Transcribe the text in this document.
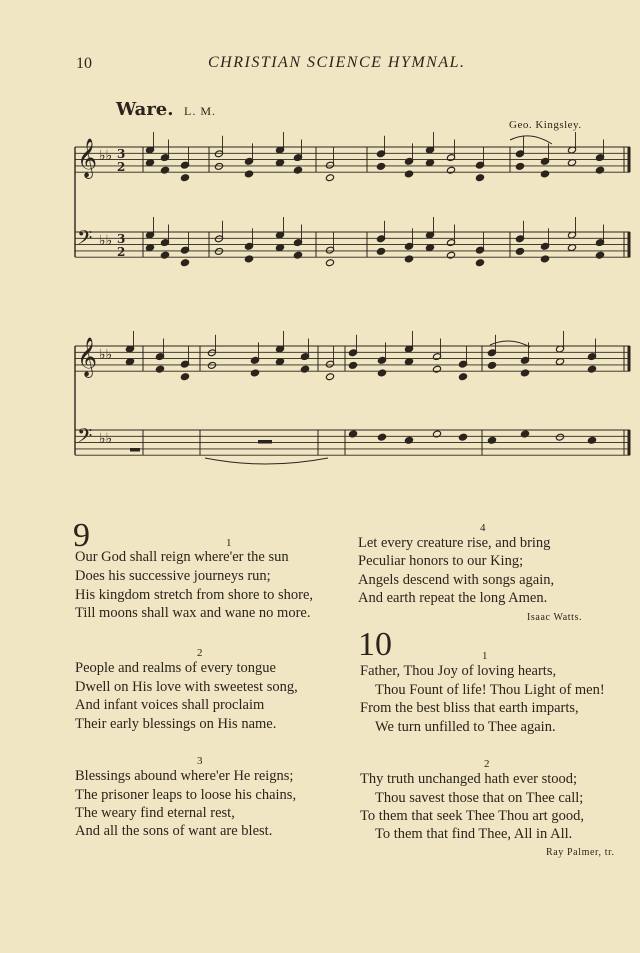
10	CHRISTIAN SCIENCE HYMNAL.
Ware. L. M.
Geo. Kingsley.
𝄞 ♭♭ 3
2
𝄢 ♭♭ 3
2
𝄞 ♭♭
𝄢 ♭♭
9	1
Our God shall reign where'er the sun
Does his successive journeys run;
His kingdom stretch from shore to shore,
Till moons shall wax and wane no more.
2
People and realms of every tongue
Dwell on His love with sweetest song,
And infant voices shall proclaim
Their early blessings on His name.
3
Blessings abound where'er He reigns;
The prisoner leaps to loose his chains,
The weary find eternal rest,
And all the sons of want are blest.
4
Let every creature rise, and bring
Peculiar honors to our King;
Angels descend with songs again,
And earth repeat the long Amen.
Isaac Watts.
10	1
Father, Thou Joy of loving hearts,
Thou Fount of life! Thou Light of men!
From the best bliss that earth imparts,
We turn unfilled to Thee again.
2
Thy truth unchanged hath ever stood;
Thou savest those that on Thee call;
To them that seek Thee Thou art good,
To them that find Thee, All in All.
Ray Palmer, tr.
